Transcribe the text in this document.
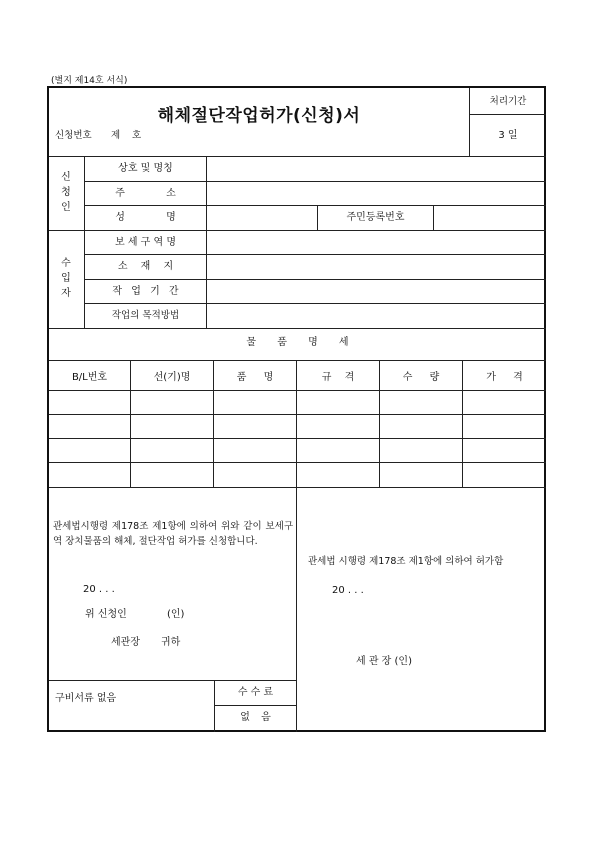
(별지 제14호 서식)
해체절단작업허가(신청)서
신청번호 제 호
처리기간
3 일
신
청
인
상호 및 명칭
주 소
성 명	주민등록번호
수
입
자
보 세 구 역 명
소 재 지
작 업 기 간
작업의 목적방법
물 품 명 세
B/L번호	선(기)명	품 명	규 격	수 량	가 격
관세법시행령 제178조 제1항에 의하여 위와 같이 보세구역 장치물품의 해체, 절단작업 허가를 신청합니다.
20 . . .
위 신청인	(인)
세관장 귀하
관세법 시행령 제178조 제1항에 의하여 허가함
20 . . .
세 관 장 (인)
구비서류 없음
수 수 료
없 음
